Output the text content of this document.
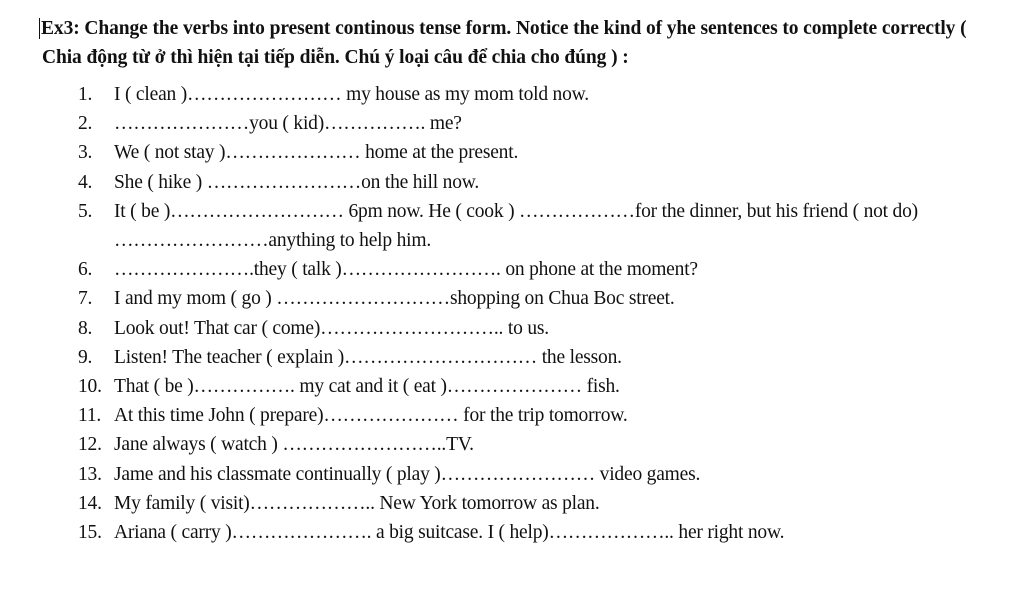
Ex3: Change the verbs into present continous tense form. Notice the kind of yhe sentences to complete correctly ( Chia động từ ở thì hiện tại tiếp diễn. Chú ý loại câu để chia cho đúng ) :

1. I ( clean )…………………… my house as my mom told now.
2. …………………you ( kid)……………. me?
3. We ( not stay )………………… home at the present.
4. She ( hike ) ……………………on the hill now.
5. It ( be )……………………… 6pm now. He ( cook ) ………………for the dinner, but his friend ( not do) ……………………anything to help him.
6. ………………….they ( talk )……………………. on phone at the moment?
7. I and my mom ( go ) ………………………shopping on Chua Boc street.
8. Look out! That car ( come)……………………….. to us.
9. Listen! The teacher ( explain )………………………… the lesson.
10. That ( be )……………. my cat and it ( eat )………………… fish.
11. At this time John ( prepare)………………… for the trip tomorrow.
12. Jane always ( watch ) ……………………..TV.
13. Jame and his classmate continually ( play )…………………… video games.
14. My family ( visit)……………….. New York tomorrow as plan.
15. Ariana ( carry )…………………. a big suitcase. I ( help)……………….. her right now.
